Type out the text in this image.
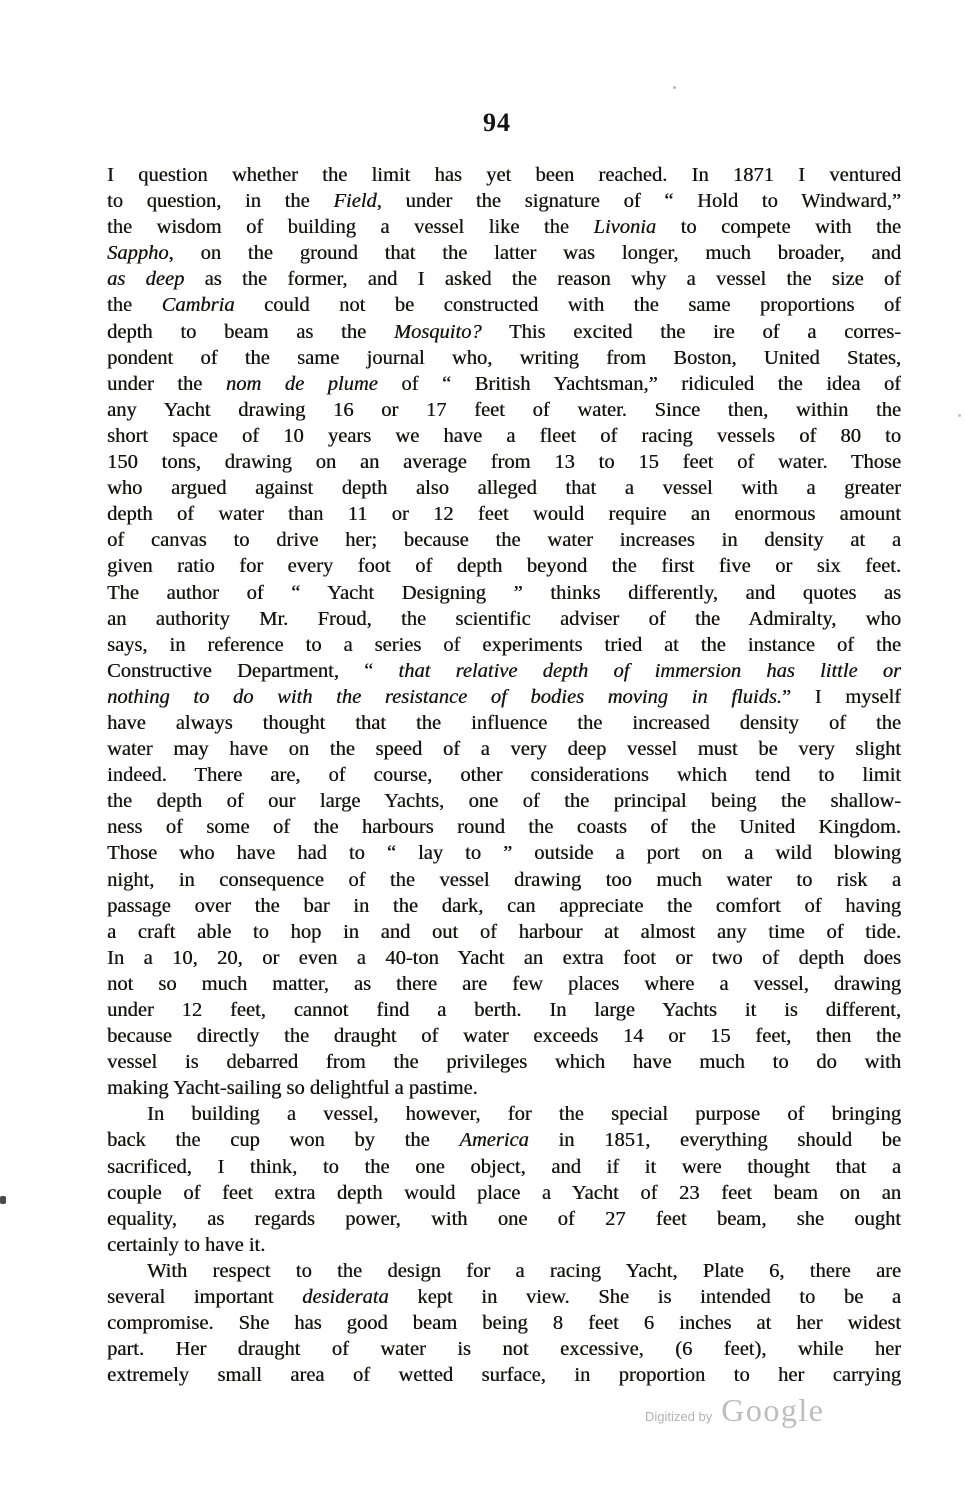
94
I question whether the limit has yet been reached. In 1871 I ventured
to question, in the Field, under the signature of “ Hold to Windward,”
the wisdom of building a vessel like the Livonia to compete with the
Sappho, on the ground that the latter was longer, much broader, and
as deep as the former, and I asked the reason why a vessel the size of
the Cambria could not be constructed with the same proportions of
depth to beam as the Mosquito? This excited the ire of a corres-
pondent of the same journal who, writing from Boston, United States,
under the nom de plume of “ British Yachtsman,” ridiculed the idea of
any Yacht drawing 16 or 17 feet of water. Since then, within the
short space of 10 years we have a fleet of racing vessels of 80 to
150 tons, drawing on an average from 13 to 15 feet of water. Those
who argued against depth also alleged that a vessel with a greater
depth of water than 11 or 12 feet would require an enormous amount
of canvas to drive her; because the water increases in density at a
given ratio for every foot of depth beyond the first five or six feet.
The author of “ Yacht Designing ” thinks differently, and quotes as
an authority Mr. Froud, the scientific adviser of the Admiralty, who
says, in reference to a series of experiments tried at the instance of the
Constructive Department, “ that relative depth of immersion has little or
nothing to do with the resistance of bodies moving in fluids.” I myself
have always thought that the influence the increased density of the
water may have on the speed of a very deep vessel must be very slight
indeed. There are, of course, other considerations which tend to limit
the depth of our large Yachts, one of the principal being the shallow-
ness of some of the harbours round the coasts of the United Kingdom.
Those who have had to “ lay to ” outside a port on a wild blowing
night, in consequence of the vessel drawing too much water to risk a
passage over the bar in the dark, can appreciate the comfort of having
a craft able to hop in and out of harbour at almost any time of tide.
In a 10, 20, or even a 40-ton Yacht an extra foot or two of depth does
not so much matter, as there are few places where a vessel, drawing
under 12 feet, cannot find a berth. In large Yachts it is different,
because directly the draught of water exceeds 14 or 15 feet, then the
vessel is debarred from the privileges which have much to do with
making Yacht-sailing so delightful a pastime.
In building a vessel, however, for the special purpose of bringing
back the cup won by the America in 1851, everything should be
sacrificed, I think, to the one object, and if it were thought that a
couple of feet extra depth would place a Yacht of 23 feet beam on an
equality, as regards power, with one of 27 feet beam, she ought
certainly to have it.
With respect to the design for a racing Yacht, Plate 6, there are
several important desiderata kept in view. She is intended to be a
compromise. She has good beam being 8 feet 6 inches at her widest
part. Her draught of water is not excessive, (6 feet), while her
extremely small area of wetted surface, in proportion to her carrying
Digitized by Google
